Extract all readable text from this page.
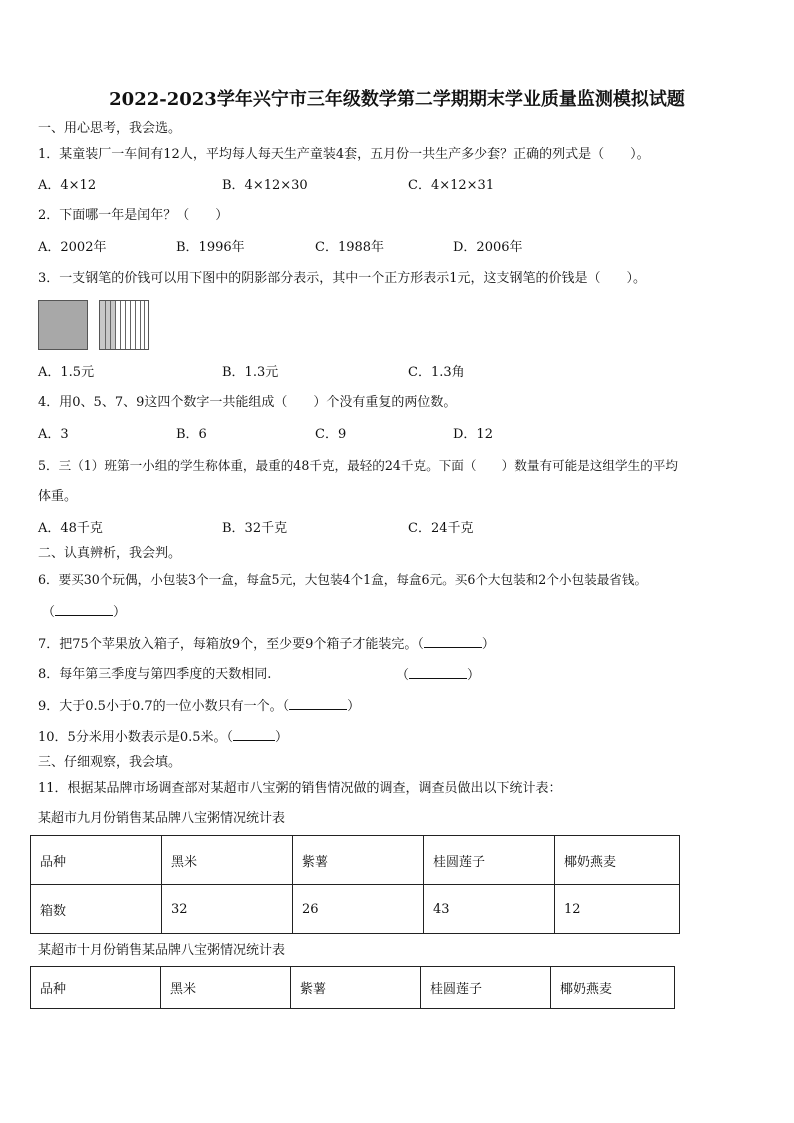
2022-2023学年兴宁市三年级数学第二学期期末学业质量监测模拟试题
一、用心思考，我会选。
1．某童装厂一车间有12人，平均每人每天生产童装4套，五月份一共生产多少套？正确的列式是（　　）。
A．4×12	B．4×12×30	C．4×12×31
2．下面哪一年是闰年？（　　）
A．2002年	B．1996年	C．1988年	D．2006年
3．一支钢笔的价钱可以用下图中的阴影部分表示，其中一个正方形表示1元，这支钢笔的价钱是（　　）。
A．1.5元	B．1.3元	C．1.3角
4．用0、5、7、9这四个数字一共能组成（　　）个没有重复的两位数。
A．3	B．6	C．9	D．12
5．三（1）班第一小组的学生称体重，最重的48千克，最轻的24千克。下面（　　）数量有可能是这组学生的平均
体重。
A．48千克	B．32千克	C．24千克
二、认真辨析，我会判。
6．要买30个玩偶，小包装3个一盒，每盒5元，大包装4个1盒，每盒6元。买6个大包装和2个小包装最省钱。
（	）
7．把75个苹果放入箱子，每箱放9个，至少要9个箱子才能装完。（	）
8．每年第三季度与第四季度的天数相同.	（	）
9．大于0.5小于0.7的一位小数只有一个。（	）
10．5分米用小数表示是0.5米。（	）
三、仔细观察，我会填。
11．根据某品牌市场调查部对某超市八宝粥的销售情况做的调查，调查员做出以下统计表：
某超市九月份销售某品牌八宝粥情况统计表
品种	黑米	紫薯	桂圆莲子	椰奶燕麦
箱数	32	26	43	12
某超市十月份销售某品牌八宝粥情况统计表
品种	黑米	紫薯	桂圆莲子	椰奶燕麦
